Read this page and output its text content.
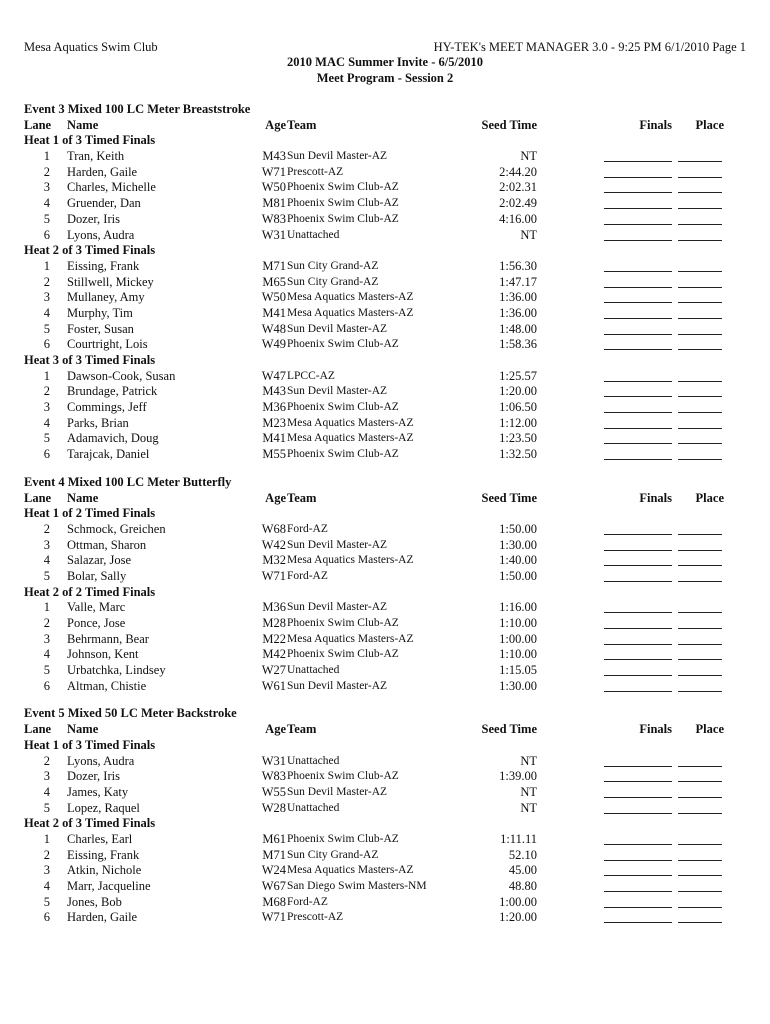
Mesa Aquatics Swim Club	HY-TEK's MEET MANAGER 3.0 - 9:25 PM 6/1/2010 Page 1
2010 MAC Summer Invite - 6/5/2010
Meet Program - Session 2
Event 3 Mixed 100 LC Meter Breaststroke
Lane Name	Age Team	Seed Time	Finals	Place
Heat 1 of 3 Timed Finals
1 Tran, Keith	M43 Sun Devil Master-AZ	NT
2 Harden, Gaile	W71 Prescott-AZ	2:44.20
3 Charles, Michelle	W50 Phoenix Swim Club-AZ	2:02.31
4 Gruender, Dan	M81 Phoenix Swim Club-AZ	2:02.49
5 Dozer, Iris	W83 Phoenix Swim Club-AZ	4:16.00
6 Lyons, Audra	W31 Unattached	NT
Heat 2 of 3 Timed Finals
1 Eissing, Frank	M71 Sun City Grand-AZ	1:56.30
2 Stillwell, Mickey	M65 Sun City Grand-AZ	1:47.17
3 Mullaney, Amy	W50 Mesa Aquatics Masters-AZ	1:36.00
4 Murphy, Tim	M41 Mesa Aquatics Masters-AZ	1:36.00
5 Foster, Susan	W48 Sun Devil Master-AZ	1:48.00
6 Courtright, Lois	W49 Phoenix Swim Club-AZ	1:58.36
Heat 3 of 3 Timed Finals
1 Dawson-Cook, Susan	W47 LPCC-AZ	1:25.57
2 Brundage, Patrick	M43 Sun Devil Master-AZ	1:20.00
3 Commings, Jeff	M36 Phoenix Swim Club-AZ	1:06.50
4 Parks, Brian	M23 Mesa Aquatics Masters-AZ	1:12.00
5 Adamavich, Doug	M41 Mesa Aquatics Masters-AZ	1:23.50
6 Tarajcak, Daniel	M55 Phoenix Swim Club-AZ	1:32.50
Event 4 Mixed 100 LC Meter Butterfly
Lane Name	Age Team	Seed Time	Finals	Place
Heat 1 of 2 Timed Finals
2 Schmock, Greichen	W68 Ford-AZ	1:50.00
3 Ottman, Sharon	W42 Sun Devil Master-AZ	1:30.00
4 Salazar, Jose	M32 Mesa Aquatics Masters-AZ	1:40.00
5 Bolar, Sally	W71 Ford-AZ	1:50.00
Heat 2 of 2 Timed Finals
1 Valle, Marc	M36 Sun Devil Master-AZ	1:16.00
2 Ponce, Jose	M28 Phoenix Swim Club-AZ	1:10.00
3 Behrmann, Bear	M22 Mesa Aquatics Masters-AZ	1:00.00
4 Johnson, Kent	M42 Phoenix Swim Club-AZ	1:10.00
5 Urbatchka, Lindsey	W27 Unattached	1:15.05
6 Altman, Chistie	W61 Sun Devil Master-AZ	1:30.00
Event 5 Mixed 50 LC Meter Backstroke
Lane Name	Age Team	Seed Time	Finals	Place
Heat 1 of 3 Timed Finals
2 Lyons, Audra	W31 Unattached	NT
3 Dozer, Iris	W83 Phoenix Swim Club-AZ	1:39.00
4 James, Katy	W55 Sun Devil Master-AZ	NT
5 Lopez, Raquel	W28 Unattached	NT
Heat 2 of 3 Timed Finals
1 Charles, Earl	M61 Phoenix Swim Club-AZ	1:11.11
2 Eissing, Frank	M71 Sun City Grand-AZ	52.10
3 Atkin, Nichole	W24 Mesa Aquatics Masters-AZ	45.00
4 Marr, Jacqueline	W67 San Diego Swim Masters-NM	48.80
5 Jones, Bob	M68 Ford-AZ	1:00.00
6 Harden, Gaile	W71 Prescott-AZ	1:20.00
